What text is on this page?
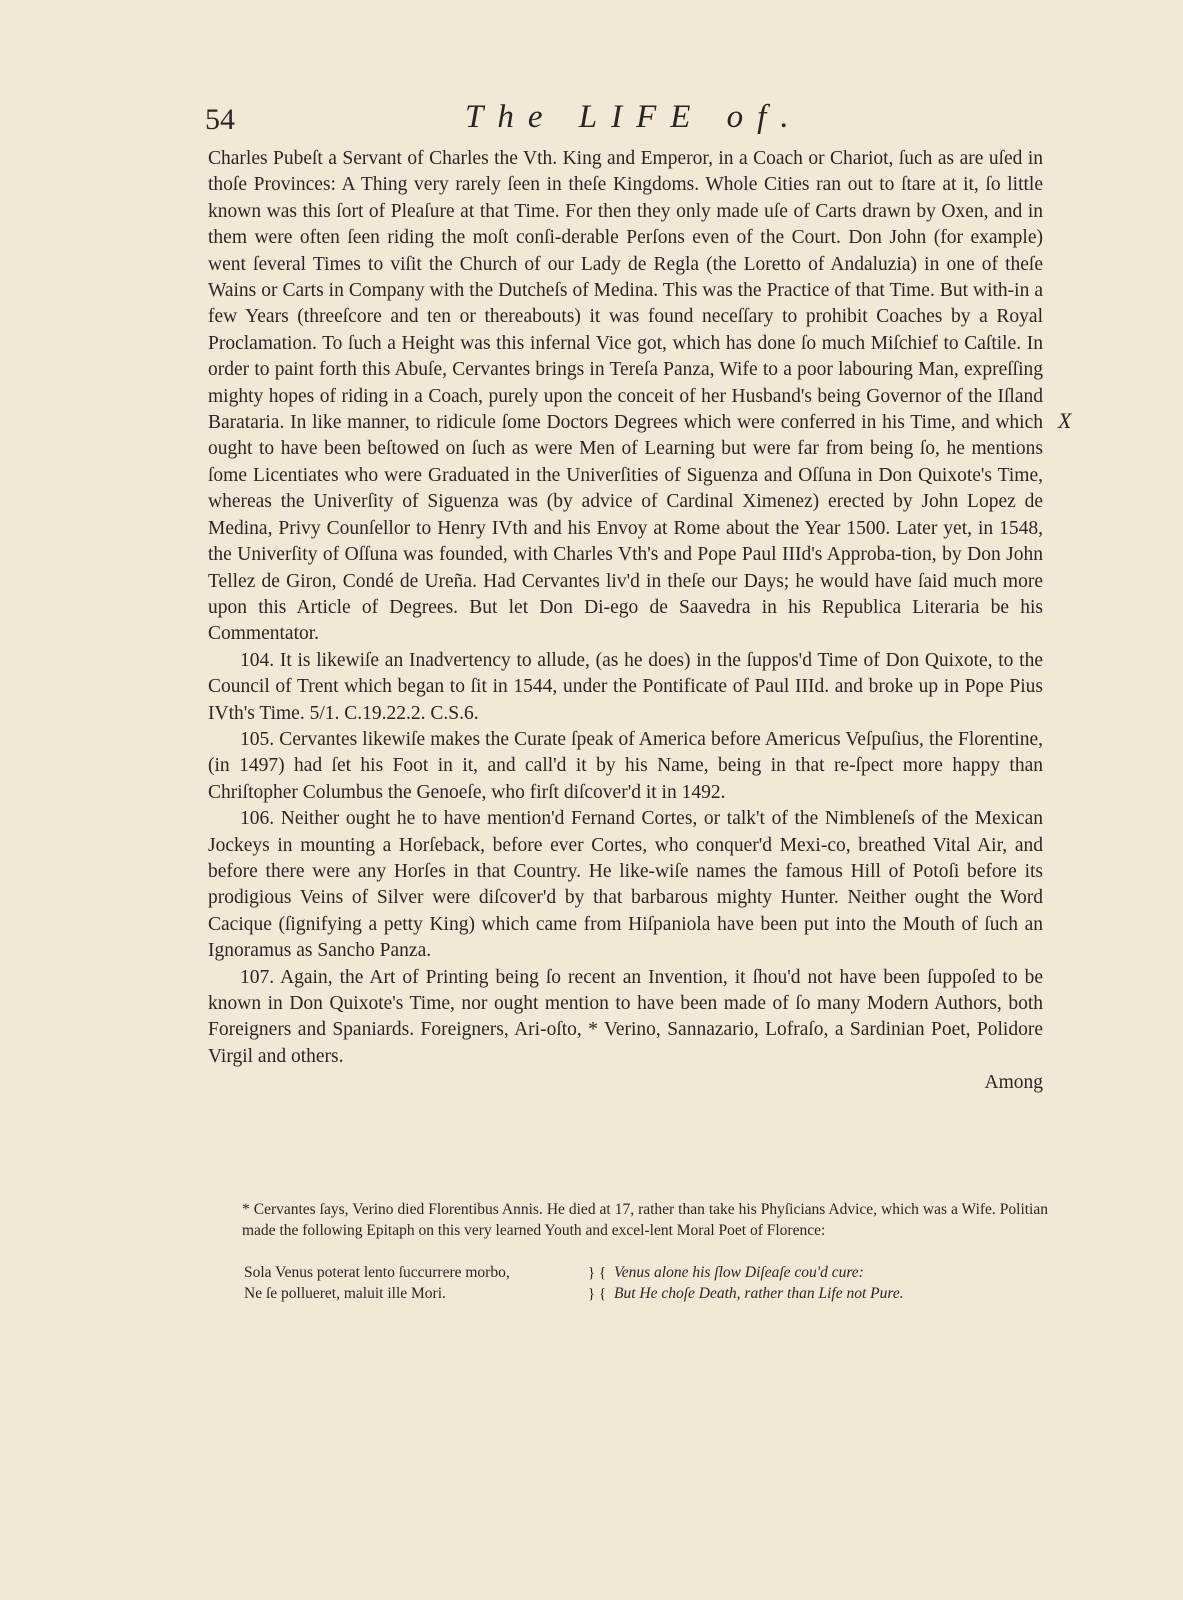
54	The LIFE of.

Charles Pubeſt a Servant of Charles the Vth. King and Emperor, in a Coach or Chariot, ſuch as are uſed in thoſe Provinces: A Thing very rarely ſeen in theſe Kingdoms. Whole Cities ran out to ſtare at it, ſo little known was this ſort of Pleaſure at that Time. For then they only made uſe of Carts drawn by Oxen, and in them were often ſeen riding the moſt conſi-derable Perſons even of the Court. Don John (for example) went ſeveral Times to viſit the Church of our Lady de Regla (the Loretto of Andaluzia) in one of theſe Wains or Carts in Company with the Dutcheſs of Medina. This was the Practice of that Time. But with-in a few Years (threeſcore and ten or thereabouts) it was found neceſſary to prohibit Coaches by a Royal Proclamation. To ſuch a Height was this infernal Vice got, which has done ſo much Miſchief to Caſtile. In order to paint forth this Abuſe, Cervantes brings in Tereſa Panza, Wife to a poor labouring Man, expreſſing mighty hopes of riding in a Coach, purely upon the conceit of her Husband's being Governor of the Iſland Barataria. In like manner, to ridicule ſome Doctors Degrees which were conferred in his Time, and which ought to have been beſtowed on ſuch as were Men of Learning but were far from being ſo, he mentions ſome Licentiates who were Graduated in the Univerſities of Siguenza and Oſſuna in Don Quixote's Time, whereas the Univerſity of Siguenza was (by advice of Cardinal Ximenez) erected by John Lopez de Medina, Privy Counſellor to Henry IVth and his Envoy at Rome about the Year 1500. Later yet, in 1548, the Univerſity of Oſſuna was founded, with Charles Vth's and Pope Paul IIId's Approba-tion, by Don John Tellez de Giron, Condé de Ureña. Had Cervantes liv'd in theſe our Days; he would have ſaid much more upon this Article of Degrees. But let Don Di-ego de Saavedra in his Republica Literaria be his Commentator.

104. It is likewiſe an Inadvertency to allude, (as he does) in the ſuppos'd Time of Don Quixote, to the Council of Trent which began to ſit in 1544, under the Pontificate of Paul IIId. and broke up in Pope Pius IVth's Time. 5/1. C.19.22.2. C.S.6.

105. Cervantes likewiſe makes the Curate ſpeak of America before Americus Veſpuſius, the Florentine, (in 1497) had ſet his Foot in it, and call'd it by his Name, being in that re-ſpect more happy than Chriſtopher Columbus the Genoeſe, who firſt diſcover'd it in 1492.

106. Neither ought he to have mention'd Fernand Cortes, or talk't of the Nimbleneſs of the Mexican Jockeys in mounting a Horſeback, before ever Cortes, who conquer'd Mexi-co, breathed Vital Air, and before there were any Horſes in that Country. He like-wiſe names the famous Hill of Potoſi before its prodigious Veins of Silver were diſcover'd by that barbarous mighty Hunter. Neither ought the Word Cacique (ſignifying a petty King) which came from Hiſpaniola have been put into the Mouth of ſuch an Ignoramus as Sancho Panza.

107. Again, the Art of Printing being ſo recent an Invention, it ſhou'd not have been ſuppoſed to be known in Don Quixote's Time, nor ought mention to have been made of ſo many Modern Authors, both Foreigners and Spaniards. Foreigners, Ari-oſto, * Verino, Sannazario, Lofraſo, a Sardinian Poet, Polidore Virgil and others.

Among

X

* Cervantes ſays, Verino died Florentibus Annis. He died at 17, rather than take his Phyſicians Advice, which was a Wife. Politian made the following Epitaph on this very learned Youth and excel-lent Moral Poet of Florence:

Sola Venus poterat lento ſuccurrere morbo,	} { Venus alone his ſlow Diſeaſe cou'd cure:
Ne ſe pollueret, maluit ille Mori.	} { But He choſe Death, rather than Life not Pure.
